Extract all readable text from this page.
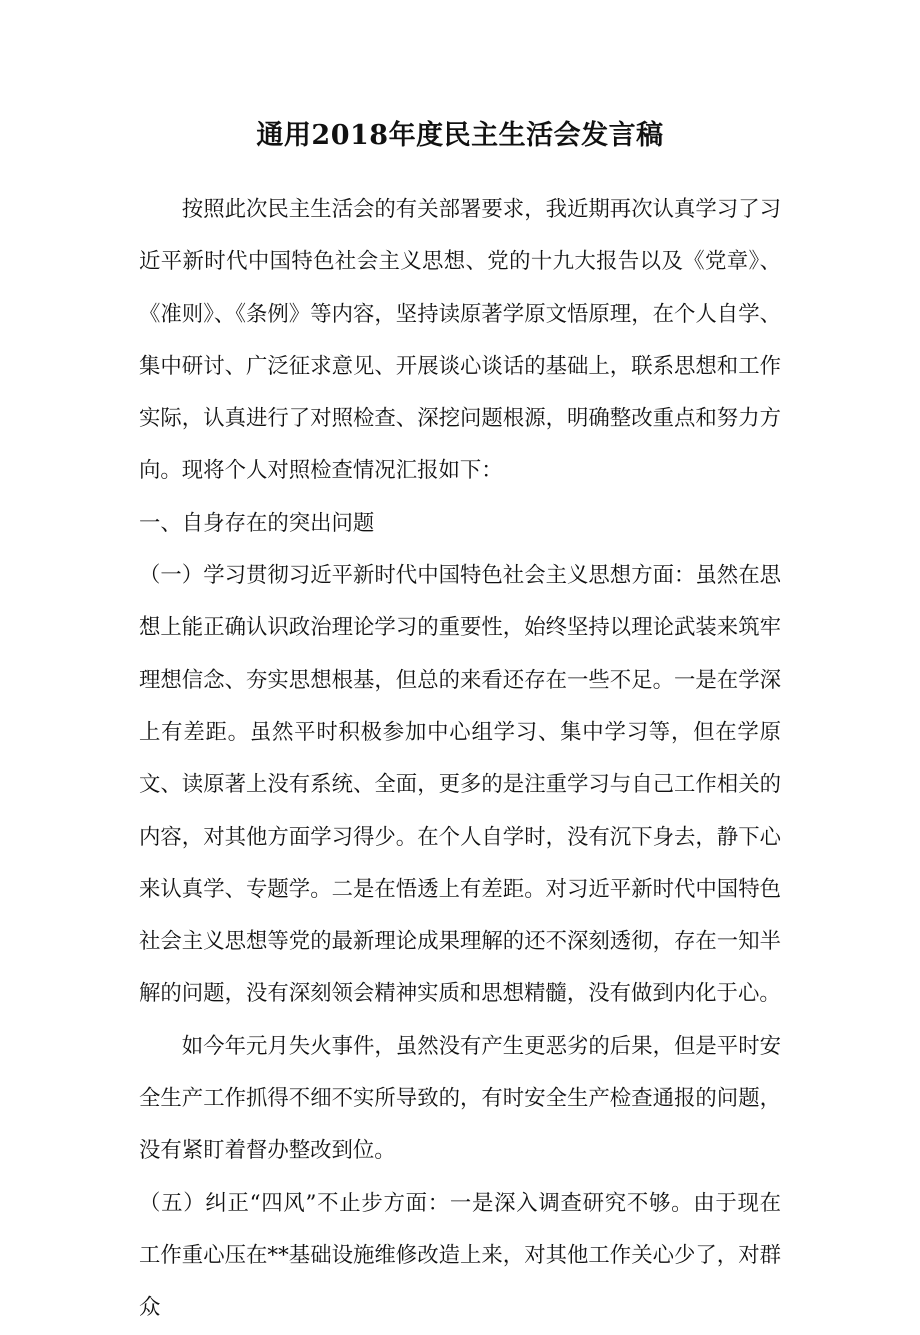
通用2018年度民主生活会发言稿

按照此次民主生活会的有关部署要求，我近期再次认真学习了习近平新时代中国特色社会主义思想、党的十九大报告以及《党章》、《准则》、《条例》等内容，坚持读原著学原文悟原理，在个人自学、集中研讨、广泛征求意见、开展谈心谈话的基础上，联系思想和工作实际，认真进行了对照检查、深挖问题根源，明确整改重点和努力方向。现将个人对照检查情况汇报如下：

一、自身存在的突出问题

（一）学习贯彻习近平新时代中国特色社会主义思想方面：虽然在思想上能正确认识政治理论学习的重要性，始终坚持以理论武装来筑牢理想信念、夯实思想根基，但总的来看还存在一些不足。一是在学深上有差距。虽然平时积极参加中心组学习、集中学习等，但在学原文、读原著上没有系统、全面，更多的是注重学习与自己工作相关的内容，对其他方面学习得少。在个人自学时，没有沉下身去，静下心来认真学、专题学。二是在悟透上有差距。对习近平新时代中国特色社会主义思想等党的最新理论成果理解的还不深刻透彻，存在一知半解的问题，没有深刻领会精神实质和思想精髓，没有做到内化于心。

如今年元月失火事件，虽然没有产生更恶劣的后果，但是平时安全生产工作抓得不细不实所导致的，有时安全生产检查通报的问题，没有紧盯着督办整改到位。

（五）纠正“四风”不止步方面：一是深入调查研究不够。由于现在工作重心压在**基础设施维修改造上来，对其他工作关心少了，对群众
